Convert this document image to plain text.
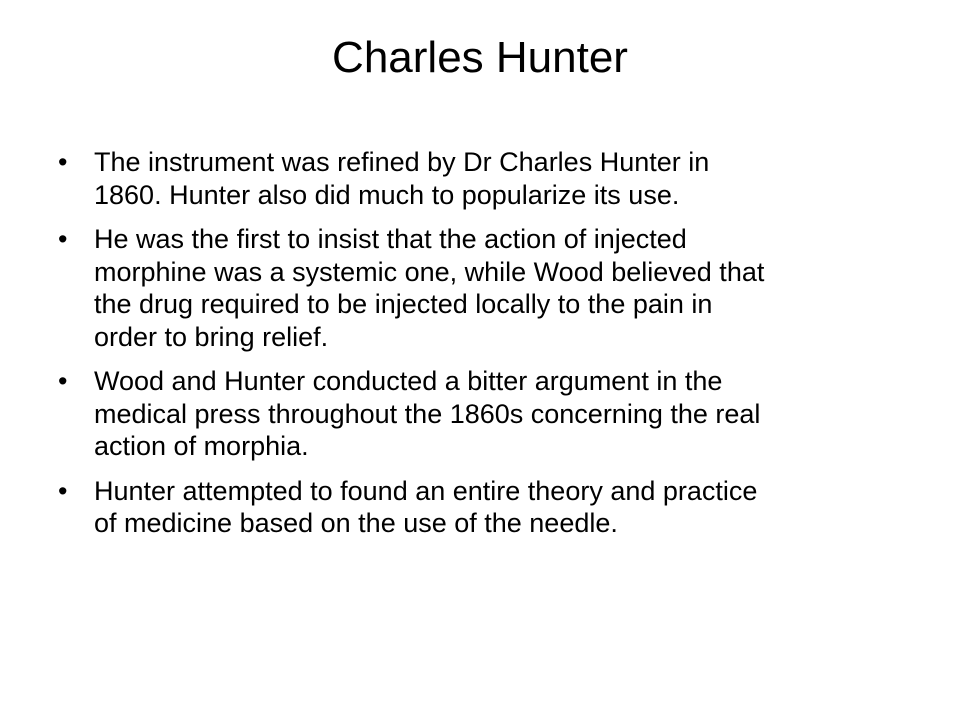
Charles Hunter
• The instrument was refined by Dr Charles Hunter in
1860. Hunter also did much to popularize its use.
• He was the first to insist that the action of injected
morphine was a systemic one, while Wood believed that
the drug required to be injected locally to the pain in
order to bring relief.
• Wood and Hunter conducted a bitter argument in the
medical press throughout the 1860s concerning the real
action of morphia.
• Hunter attempted to found an entire theory and practice
of medicine based on the use of the needle.
